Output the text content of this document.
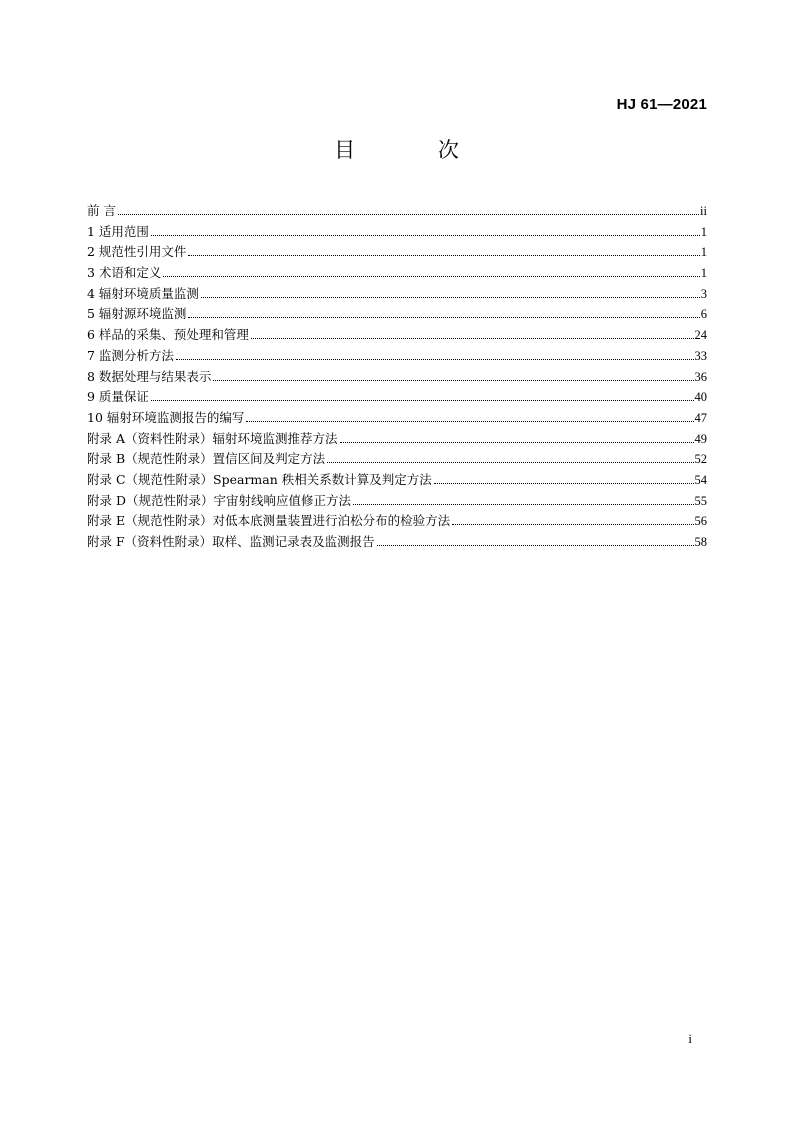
HJ 61—2021
目 次
前 言	ii
1 适用范围	1
2 规范性引用文件	1
3 术语和定义	1
4 辐射环境质量监测	3
5 辐射源环境监测	6
6 样品的采集、预处理和管理	24
7 监测分析方法	33
8 数据处理与结果表示	36
9 质量保证	40
10 辐射环境监测报告的编写	47
附录 A（资料性附录）辐射环境监测推荐方法	49
附录 B（规范性附录）置信区间及判定方法	52
附录 C（规范性附录）Spearman 秩相关系数计算及判定方法	54
附录 D（规范性附录）宇宙射线响应值修正方法	55
附录 E（规范性附录）对低本底测量装置进行泊松分布的检验方法	56
附录 F（资料性附录）取样、监测记录表及监测报告	58
i
